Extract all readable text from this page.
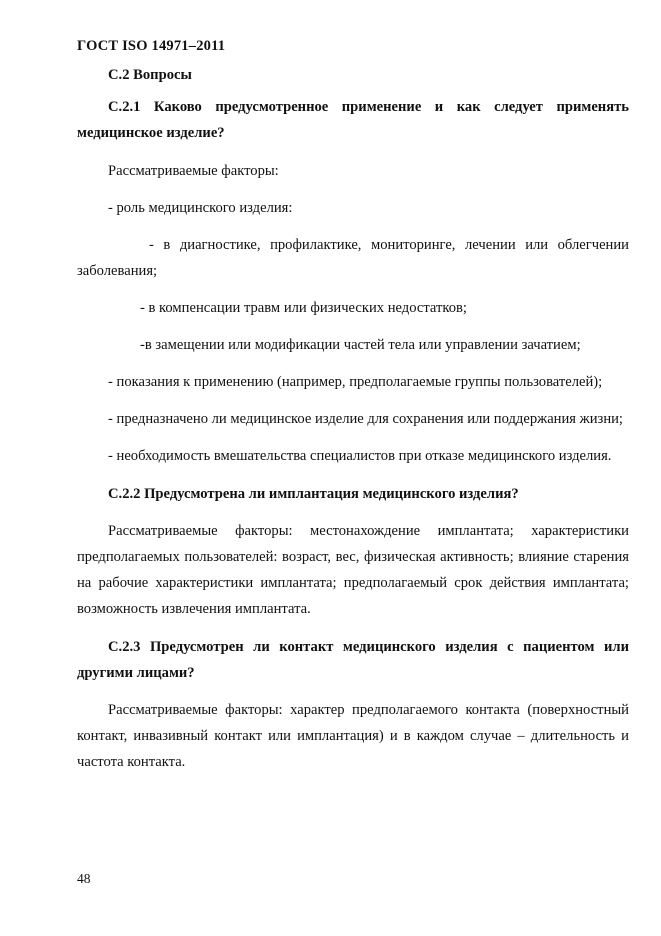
ГОСТ ISO 14971–2011

С.2 Вопросы

С.2.1 Каково предусмотренное применение и как следует применять медицинское изделие?

Рассматриваемые факторы:

- роль медицинского изделия:

- в диагностике, профилактике, мониторинге, лечении или облегчении заболевания;

- в компенсации травм или физических недостатков;

-в замещении или модификации частей тела или управлении зачатием;

- показания к применению (например, предполагаемые группы пользователей);

- предназначено ли медицинское изделие для сохранения или поддержания жизни;

- необходимость вмешательства специалистов при отказе медицинского изделия.

С.2.2 Предусмотрена ли имплантация медицинского изделия?

Рассматриваемые факторы: местонахождение имплантата; характеристики предполагаемых пользователей: возраст, вес, физическая активность; влияние старения на рабочие характеристики имплантата; предполагаемый срок действия имплантата; возможность извлечения имплантата.

С.2.3 Предусмотрен ли контакт медицинского изделия с пациентом или другими лицами?

Рассматриваемые факторы: характер предполагаемого контакта (поверхностный контакт, инвазивный контакт или имплантация) и в каждом случае – длительность и частота контакта.

48
